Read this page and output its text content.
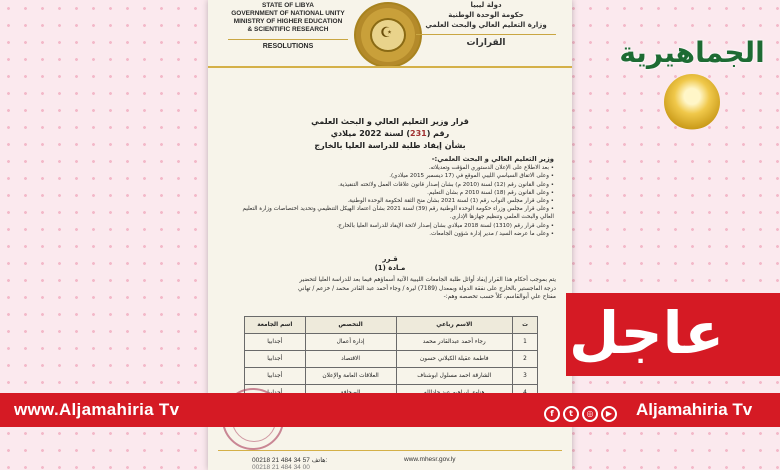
STATE OF LIBYA
GOVERNMENT OF NATIONAL UNITY
MINISTRY OF HIGHER EDUCATION
& SCIENTIFIC RESEARCH
RESOLUTIONS
☪
دولة ليبيا
حكومة الوحدة الوطنية
وزارة التعليم العالي والبحث العلمي
القرارات
قرار وزير التعليم العالي و البحث العلمي
رقم (231) لسنة 2022 ميلادي
بشأن إيفاد طلبة للدراسة العليا بالخارج
وزير التعليم العالي و البحث العلمي:-
• بعد الاطلاع على الإعلان الدستوري المؤقت وتعديلاته.
• وعلى الاتفاق السياسي الليبي الموقع في (17 ديسمبر 2015 ميلادي).
• وعلى القانون رقم (12) لسنة (2010 م) بشأن إصدار قانون علاقات العمل ولائحته التنفيذية.
• وعلى القانون رقم (18) لسنة 2010 م بشأن التعليم.
• وعلى قرار مجلس النواب رقم (1) لسنة 2021 بشأن منح الثقة لحكومة الوحدة الوطنية.
• وعلى قرار مجلس وزراء حكومة الوحدة الوطنية رقم (39) لسنة 2021 بشأن اعتماد الهيكل التنظيمي وتحديد اختصاصات وزارة التعليم
العالي والبحث العلمي وتنظيم جهازها الإداري.
• وعلى قرار رقم (1310) لسنة 2018 ميلادي بشأن إصدار لائحة الإيفاد للدراسة العليا بالخارج.
• وعلى ما عرضه السيد / مدير إدارة شؤون الجامعات.
قـرر
مـادة (1)
يتم بموجب أحكام هذا القرار إيفاد أوائل طلبة الجامعات الليبية الآتية أسماؤهم فيما بعد للدراسة العليا لتحضير
درجة الماجستير بالخارج على نفقة الدولة وبمعدل (7189) ليرة / وجاء أحمد عبد القادر محمد / خزعم / تهاني
مفتاح علي أبوالقاسم، كلاً حسب تخصصه وهم:-
ت	الاسم رباعي	التخصص	اسم الجامعة
1	رجاء أحمد عبدالقادر محمد	إدارة أعمال	أجدابيا
2	فاطمة عقيلة الكيلاني حسون	الاقتصاد	أجدابيا
3	الشارقة احمد مسلول ابوشناف	العلاقات العامة والإعلان	أجدابيا

00218 21 484 34 57 هاتف:	www.mhesr.gov.ly
00218 21 484 34 00
الجماهيرية
عاجل
www.Aljamahiria Tv	f t ◎ ▶	Aljamahiria Tv
